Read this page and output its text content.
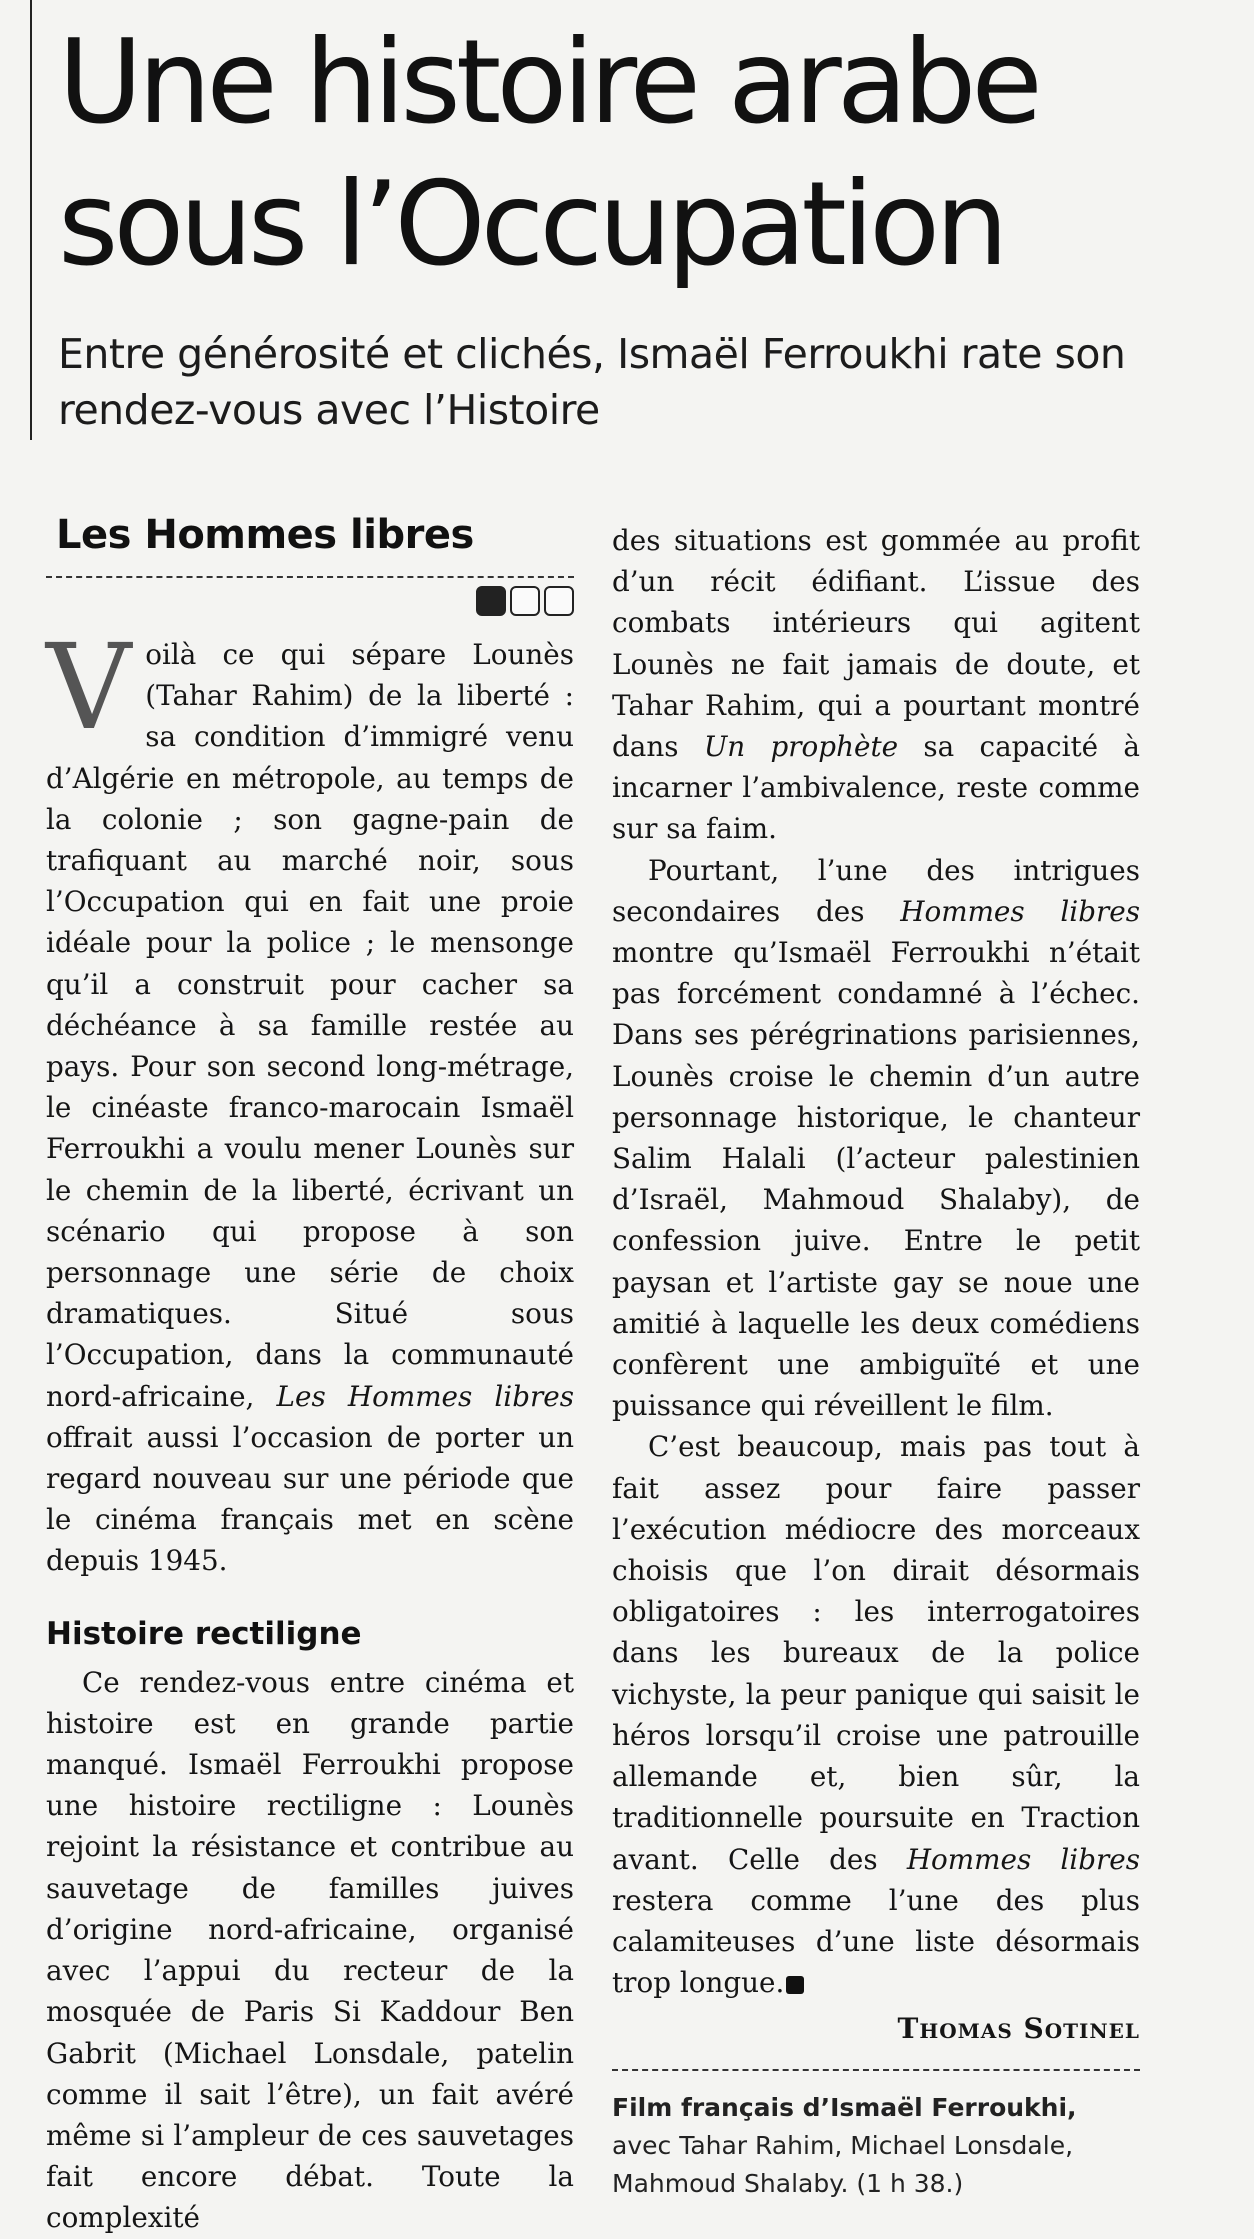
Une histoire arabe
sous l’Occupation

Entre générosité et clichés, Ismaël Ferroukhi rate son rendez-vous avec l’Histoire

Les Hommes libres

Voilà ce qui sépare Lounès (Tahar Rahim) de la liberté : sa condition d’immigré venu d’Algérie en métropole, au temps de la colonie ; son gagne-pain de trafiquant au marché noir, sous l’Occupation qui en fait une proie idéale pour la police ; le mensonge qu’il a construit pour cacher sa déchéance à sa famille restée au pays. Pour son second long-métrage, le cinéaste franco-marocain Ismaël Ferroukhi a voulu mener Lounès sur le chemin de la liberté, écrivant un scénario qui propose à son personnage une série de choix dramatiques. Situé sous l’Occupation, dans la communauté nord-africaine, Les Hommes libres offrait aussi l’occasion de porter un regard nouveau sur une période que le cinéma français met en scène depuis 1945.

Histoire rectiligne

Ce rendez-vous entre cinéma et histoire est en grande partie manqué. Ismaël Ferroukhi propose une histoire rectiligne : Lounès rejoint la résistance et contribue au sauvetage de familles juives d’origine nord-africaine, organisé avec l’appui du recteur de la mosquée de Paris Si Kaddour Ben Gabrit (Michael Lonsdale, patelin comme il sait l’être), un fait avéré même si l’ampleur de ces sauvetages fait encore débat. Toute la complexité

des situations est gommée au profit d’un récit édifiant. L’issue des combats intérieurs qui agitent Lounès ne fait jamais de doute, et Tahar Rahim, qui a pourtant montré dans Un prophète sa capacité à incarner l’ambivalence, reste comme sur sa faim.

Pourtant, l’une des intrigues secondaires des Hommes libres montre qu’Ismaël Ferroukhi n’était pas forcément condamné à l’échec. Dans ses pérégrinations parisiennes, Lounès croise le chemin d’un autre personnage historique, le chanteur Salim Halali (l’acteur palestinien d’Israël, Mahmoud Shalaby), de confession juive. Entre le petit paysan et l’artiste gay se noue une amitié à laquelle les deux comédiens confèrent une ambiguïté et une puissance qui réveillent le film.

C’est beaucoup, mais pas tout à fait assez pour faire passer l’exécution médiocre des morceaux choisis que l’on dirait désormais obligatoires : les interrogatoires dans les bureaux de la police vichyste, la peur panique qui saisit le héros lorsqu’il croise une patrouille allemande et, bien sûr, la traditionnelle poursuite en Traction avant. Celle des Hommes libres restera comme l’une des plus calamiteuses d’une liste désormais trop longue.

Thomas Sotinel
Film français d’Ismaël Ferroukhi,
avec Tahar Rahim, Michael Lonsdale,
Mahmoud Shalaby. (1 h 38.)
